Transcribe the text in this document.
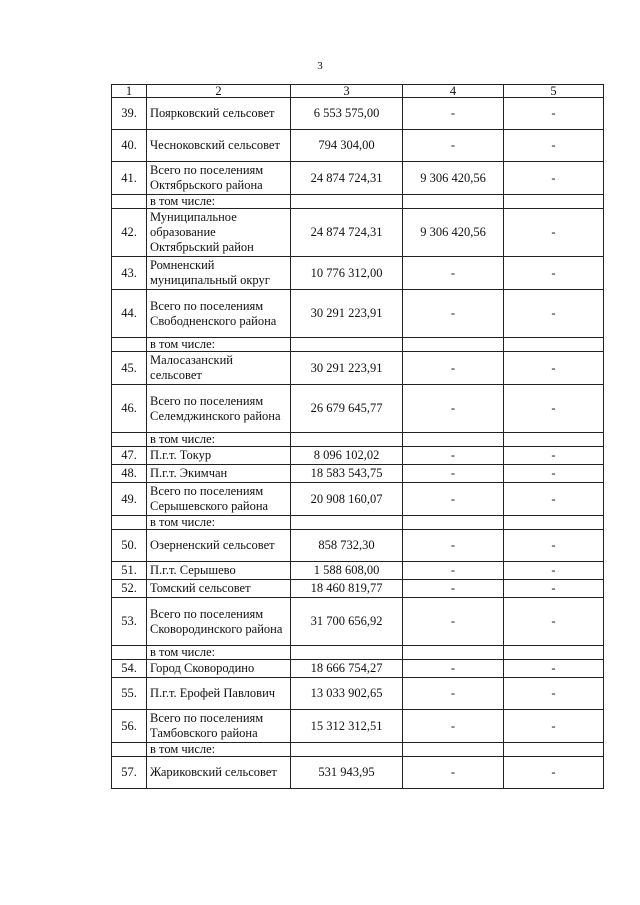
3
1	2	3	4	5
39.	Поярковский сельсовет	6 553 575,00	-	-
40.	Чесноковский сельсовет	794 304,00	-	-
41.	Всего по поселениям Октябрьского района	24 874 724,31	9 306 420,56	-
	в том числе:			
42.	Муниципальное образование Октябрьский район	24 874 724,31	9 306 420,56	-
43.	Ромненский муниципальный округ	10 776 312,00	-	-
44.	Всего по поселениям Свободненского района	30 291 223,91	-	-
	в том числе:			
45.	Малосазанский сельсовет	30 291 223,91	-	-
46.	Всего по поселениям Селемджинского района	26 679 645,77	-	-
	в том числе:			
47.	П.г.т. Токур	8 096 102,02	-	-
48.	П.г.т. Экимчан	18 583 543,75	-	-
49.	Всего по поселениям Серышевского района	20 908 160,07	-	-
	в том числе:			
50.	Озерненский сельсовет	858 732,30	-	-
51.	П.г.т. Серышево	1 588 608,00	-	-
52.	Томский сельсовет	18 460 819,77	-	-
53.	Всего по поселениям Сковородинского района	31 700 656,92	-	-
	в том числе:			
54.	Город Сковородино	18 666 754,27	-	-
55.	П.г.т. Ерофей Павлович	13 033 902,65	-	-
56.	Всего по поселениям Тамбовского района	15 312 312,51	-	-
	в том числе:			
57.	Жариковский сельсовет	531 943,95	-	-
